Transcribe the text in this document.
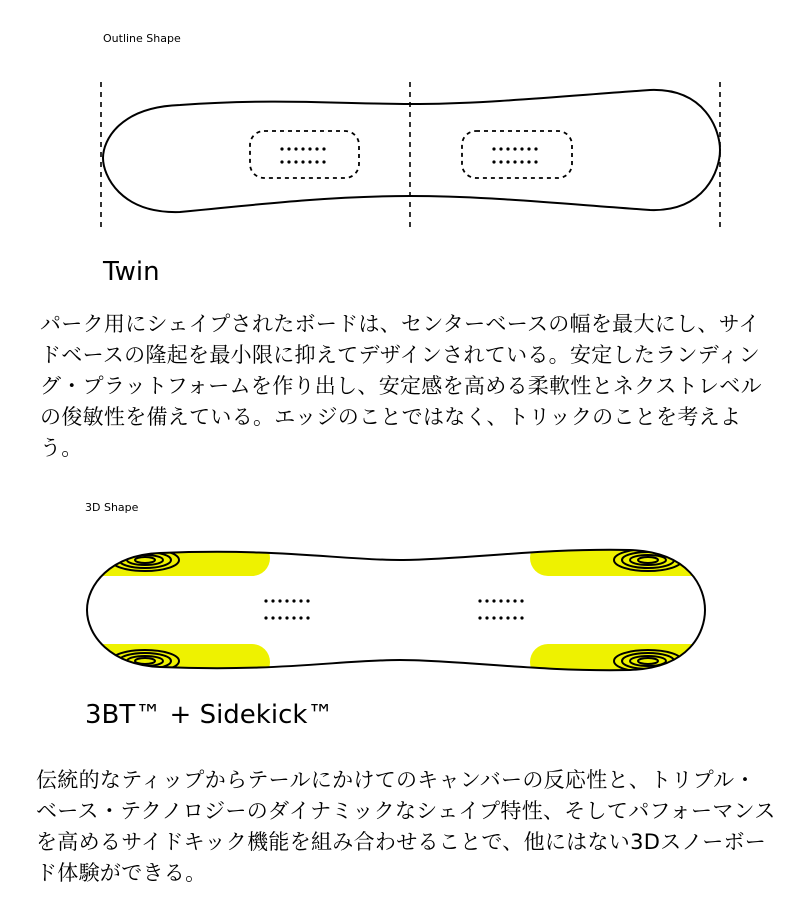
Outline Shape
Twin

パーク用にシェイプされたボードは、センターベースの幅を最大にし、サイドベースの隆起を最小限に抑えてデザインされている。安定したランディング・プラットフォームを作り出し、安定感を高める柔軟性とネクストレベルの俊敏性を備えている。エッジのことではなく、トリックのことを考えよう。

3D Shape
3BT™ + Sidekick™

伝統的なティップからテールにかけてのキャンバーの反応性と、トリプル・ベース・テクノロジーのダイナミックなシェイプ特性、そしてパフォーマンスを高めるサイドキック機能を組み合わせることで、他にはない3Dスノーボード体験ができる。
